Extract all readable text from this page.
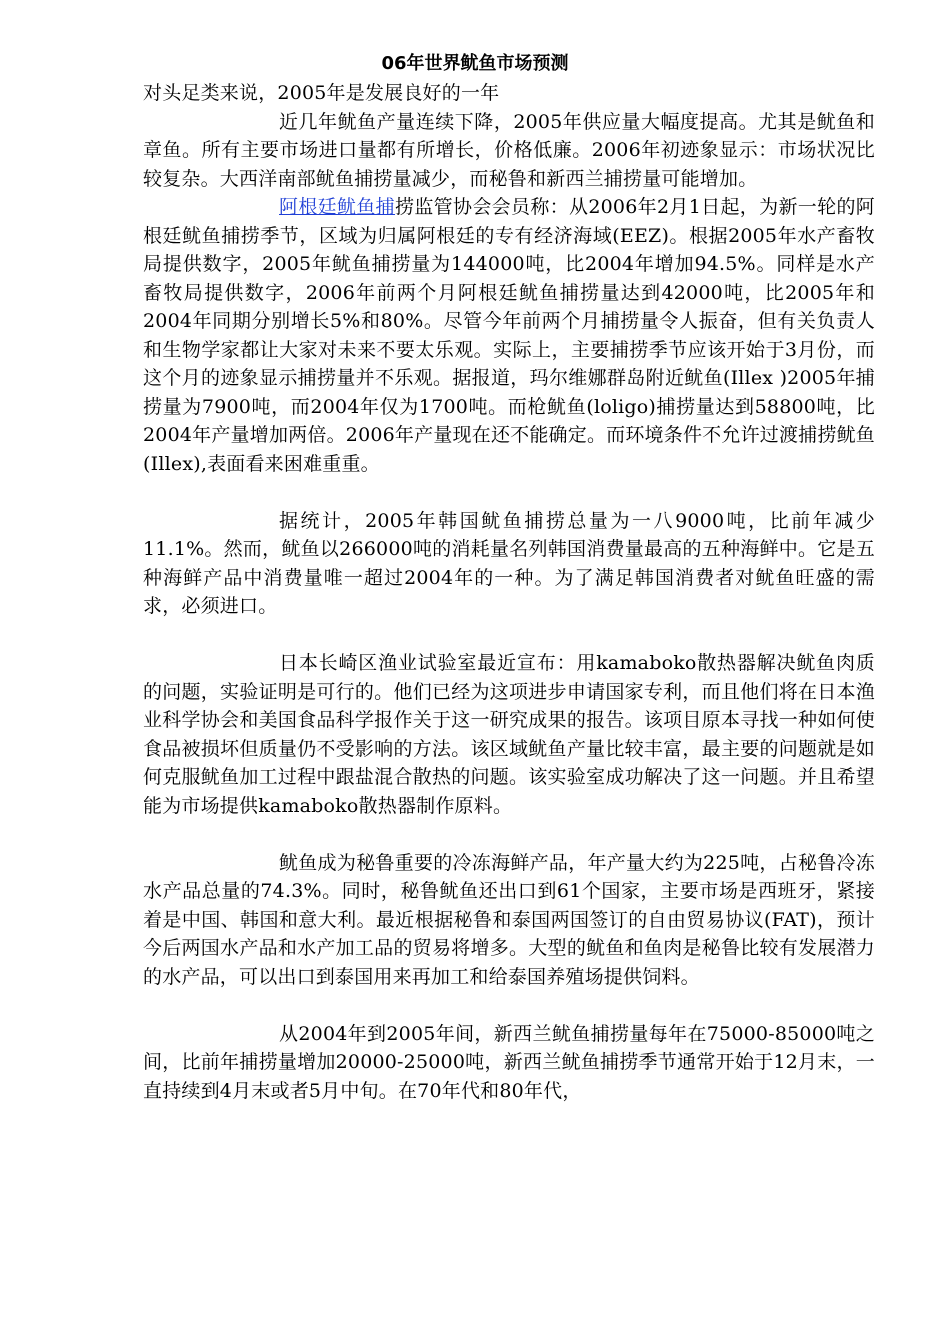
06年世界鱿鱼市场预测

对头足类来说，2005年是发展良好的一年

近几年鱿鱼产量连续下降，2005年供应量大幅度提高。尤其是鱿鱼和章鱼。所有主要市场进口量都有所增长，价格低廉。2006年初迹象显示：市场状况比较复杂。大西洋南部鱿鱼捕捞量减少，而秘鲁和新西兰捕捞量可能增加。

阿根廷鱿鱼捕捞监管协会会员称：从2006年2月1日起，为新一轮的阿根廷鱿鱼捕捞季节，区域为归属阿根廷的专有经济海域(EEZ)。根据2005年水产畜牧局提供数字，2005年鱿鱼捕捞量为144000吨，比2004年增加94.5%。同样是水产畜牧局提供数字，2006年前两个月阿根廷鱿鱼捕捞量达到42000吨，比2005年和2004年同期分别增长5%和80%。尽管今年前两个月捕捞量令人振奋，但有关负责人和生物学家都让大家对未来不要太乐观。实际上，主要捕捞季节应该开始于3月份，而这个月的迹象显示捕捞量并不乐观。据报道，玛尔维娜群岛附近鱿鱼(Illex )2005年捕捞量为7900吨，而2004年仅为1700吨。而枪鱿鱼(loligo)捕捞量达到58800吨，比2004年产量增加两倍。2006年产量现在还不能确定。而环境条件不允许过渡捕捞鱿鱼(Illex),表面看来困难重重。

据统计，2005年韩国鱿鱼捕捞总量为一八9000吨，比前年减少11.1%。然而，鱿鱼以266000吨的消耗量名列韩国消费量最高的五种海鲜中。它是五种海鲜产品中消费量唯一超过2004年的一种。为了满足韩国消费者对鱿鱼旺盛的需求，必须进口。

日本长崎区渔业试验室最近宣布：用kamaboko散热器解决鱿鱼肉质的问题，实验证明是可行的。他们已经为这项进步申请国家专利，而且他们将在日本渔业科学协会和美国食品科学报作关于这一研究成果的报告。该项目原本寻找一种如何使食品被损坏但质量仍不受影响的方法。该区域鱿鱼产量比较丰富，最主要的问题就是如何克服鱿鱼加工过程中跟盐混合散热的问题。该实验室成功解决了这一问题。并且希望能为市场提供kamaboko散热器制作原料。

鱿鱼成为秘鲁重要的冷冻海鲜产品，年产量大约为225吨，占秘鲁冷冻水产品总量的74.3%。同时，秘鲁鱿鱼还出口到61个国家，主要市场是西班牙，紧接着是中国、韩国和意大利。最近根据秘鲁和泰国两国签订的自由贸易协议(FAT)，预计今后两国水产品和水产加工品的贸易将增多。大型的鱿鱼和鱼肉是秘鲁比较有发展潜力的水产品，可以出口到泰国用来再加工和给泰国养殖场提供饲料。

从2004年到2005年间，新西兰鱿鱼捕捞量每年在75000-85000吨之间，比前年捕捞量增加20000-25000吨，新西兰鱿鱼捕捞季节通常开始于12月末，一直持续到4月末或者5月中旬。在70年代和80年代，
